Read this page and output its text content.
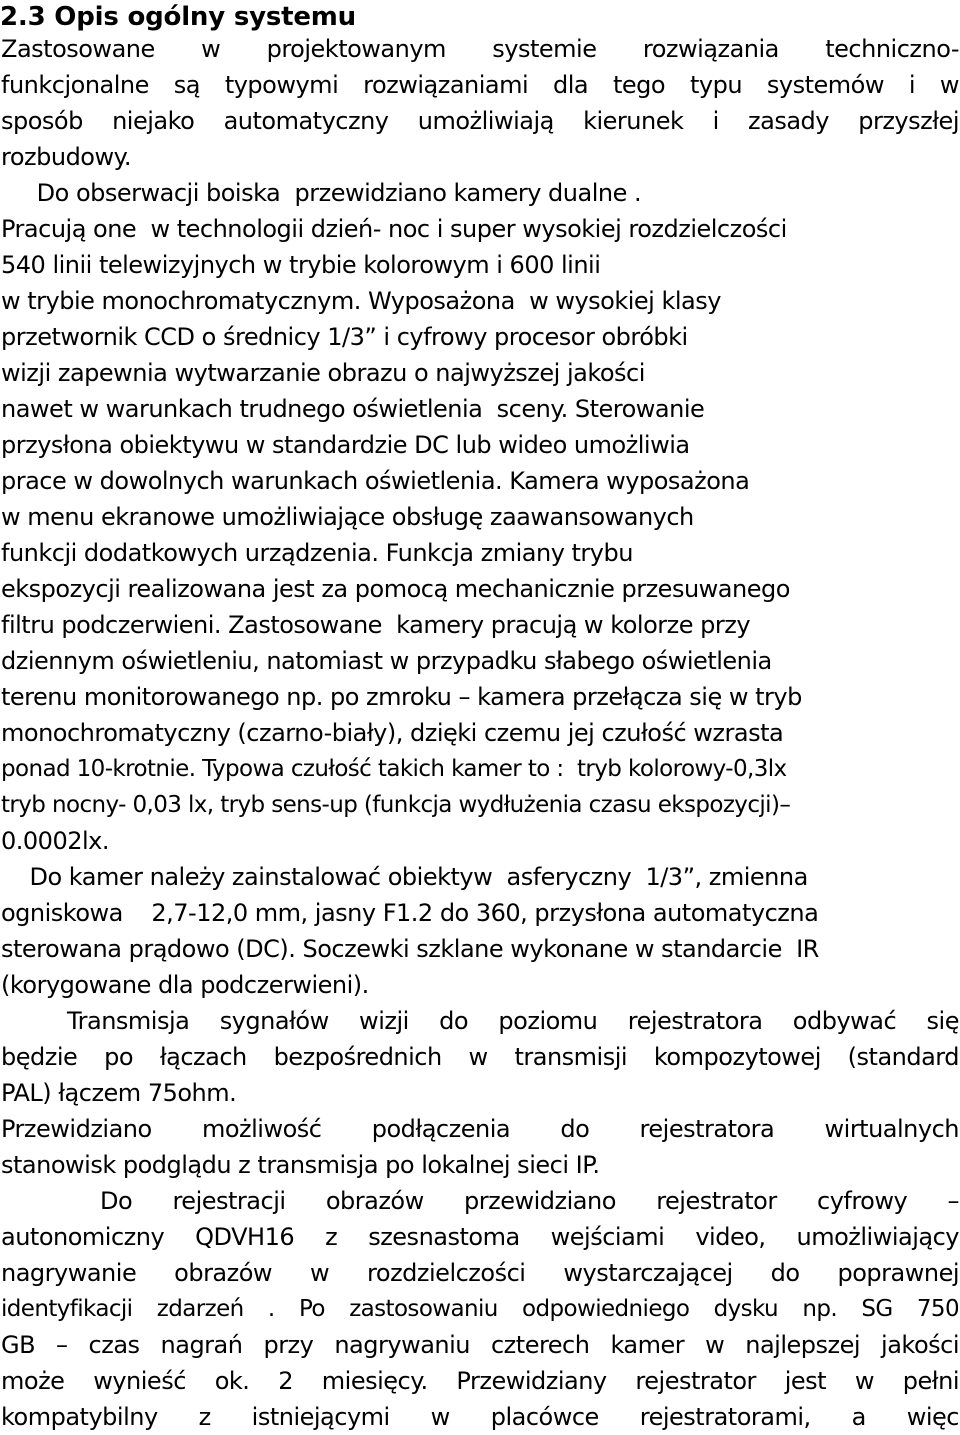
2.3 Opis ogólny systemu
Zastosowane w projektowanym systemie rozwiązania techniczno-
funkcjonalne są typowymi rozwiązaniami dla tego typu systemów i w
sposób niejako automatyczny umożliwiają kierunek i zasady przyszłej
rozbudowy.
Do obserwacji boiska  przewidziano kamery dualne .
Pracują one  w technologii dzień- noc i super wysokiej rozdzielczości
540 linii telewizyjnych w trybie kolorowym i 600 linii
w trybie monochromatycznym. Wyposażona  w wysokiej klasy
przetwornik CCD o średnicy 1/3” i cyfrowy procesor obróbki
wizji zapewnia wytwarzanie obrazu o najwyższej jakości
nawet w warunkach trudnego oświetlenia  sceny. Sterowanie
przysłona obiektywu w standardzie DC lub wideo umożliwia
prace w dowolnych warunkach oświetlenia. Kamera wyposażona
w menu ekranowe umożliwiające obsługę zaawansowanych
funkcji dodatkowych urządzenia. Funkcja zmiany trybu
ekspozycji realizowana jest za pomocą mechanicznie przesuwanego
filtru podczerwieni. Zastosowane  kamery pracują w kolorze przy
dziennym oświetleniu, natomiast w przypadku słabego oświetlenia
terenu monitorowanego np. po zmroku – kamera przełącza się w tryb
monochromatyczny (czarno-biały), dzięki czemu jej czułość wzrasta
ponad 10-krotnie. Typowa czułość takich kamer to :  tryb kolorowy-0,3lx
tryb nocny- 0,03 lx, tryb sens-up (funkcja wydłużenia czasu ekspozycji)–
0.0002lx.
Do kamer należy zainstalować obiektyw  asferyczny  1/3”, zmienna
ogniskowa    2,7-12,0 mm, jasny F1.2 do 360, przysłona automatyczna
sterowana prądowo (DC). Soczewki szklane wykonane w standarcie  IR
(korygowane dla podczerwieni).
Transmisja sygnałów wizji do poziomu rejestratora odbywać się
będzie po łączach bezpośrednich w transmisji kompozytowej (standard
PAL) łączem 75ohm.
Przewidziano możliwość podłączenia do rejestratora wirtualnych
stanowisk podglądu z transmisja po lokalnej sieci IP.
Do rejestracji obrazów przewidziano rejestrator cyfrowy –
autonomiczny QDVH16 z szesnastoma wejściami video, umożliwiający
nagrywanie obrazów w rozdzielczości wystarczającej do poprawnej
identyfikacji zdarzeń . Po zastosowaniu odpowiedniego dysku np. SG 750
GB – czas nagrań przy nagrywaniu czterech kamer w najlepszej jakości
może wynieść ok. 2 miesięcy. Przewidziany rejestrator jest w pełni
kompatybilny z istniejącymi w placówce rejestratorami, a więc
